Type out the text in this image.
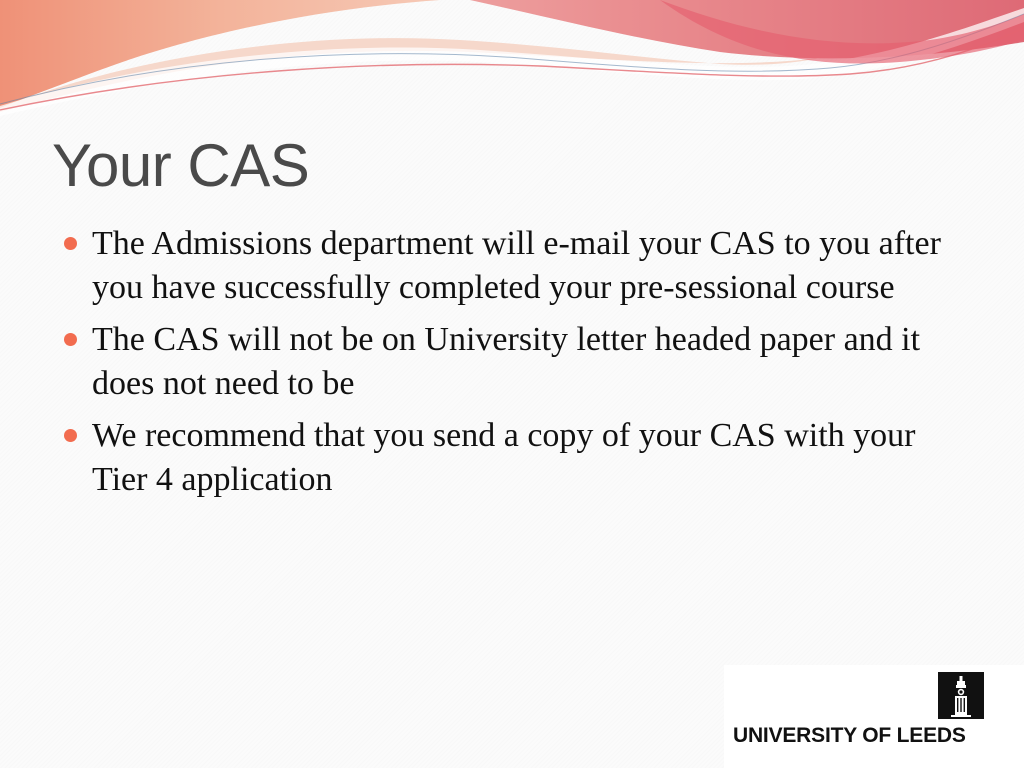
Your CAS
The Admissions department will e-mail your CAS to you after you have successfully completed your pre-sessional course
The CAS will not be on University letter headed paper and it does not need to be
We recommend that you send a copy of your CAS with your Tier 4 application
UNIVERSITY OF LEEDS
